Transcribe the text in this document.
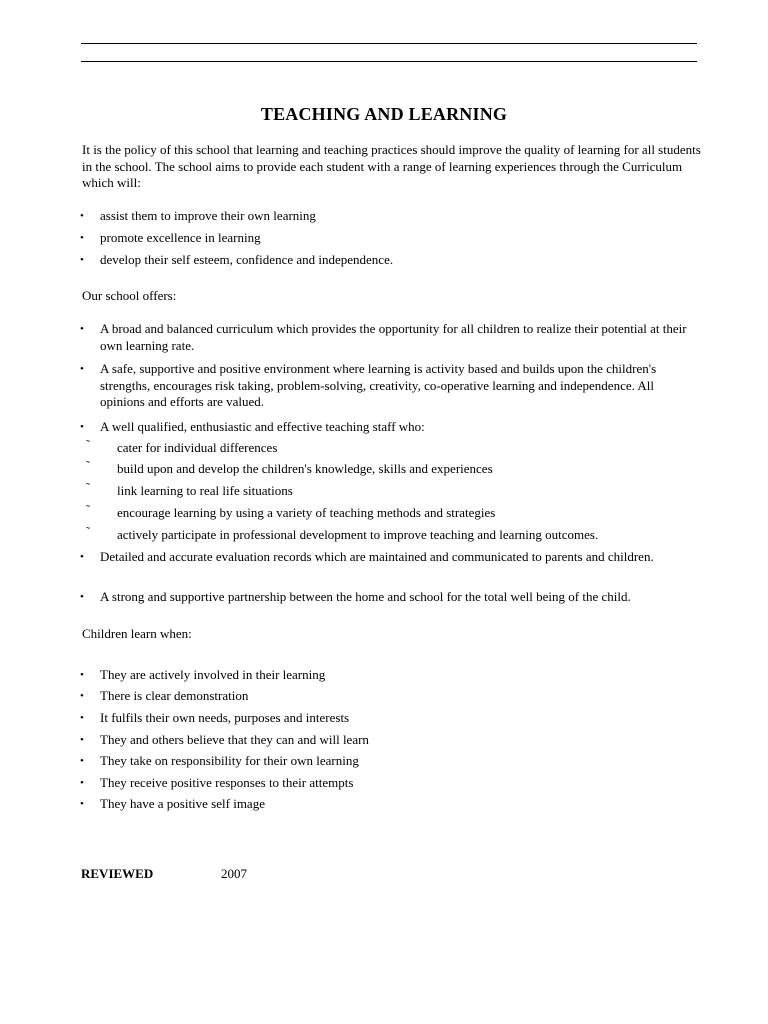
TEACHING AND LEARNING

It is the policy of this school that learning and teaching practices should improve the quality of learning for all students in the school. The school aims to provide each student with a range of learning experiences through the Curriculum which will:

• assist them to improve their own learning
• promote excellence in learning
• develop their self esteem, confidence and independence.
Our school offers:
• A broad and balanced curriculum which provides the opportunity for all children to realize their potential at their own learning rate.
• A safe, supportive and positive environment where learning is activity based and builds upon the children's strengths, encourages risk taking, problem-solving, creativity, co-operative learning and independence. All opinions and efforts are valued.
• A well qualified, enthusiastic and effective teaching staff who:
˜ cater for individual differences
˜ build upon and develop the children's knowledge, skills and experiences
˜ link learning to real life situations
˜ encourage learning by using a variety of teaching methods and strategies
˜ actively participate in professional development to improve teaching and learning outcomes.
• Detailed and accurate evaluation records which are maintained and communicated to parents and children.
• A strong and supportive partnership between the home and school for the total well being of the child.
Children learn when:
• They are actively involved in their learning
• There is clear demonstration
• It fulfils their own needs, purposes and interests
• They and others believe that they can and will learn
• They take on responsibility for their own learning
• They receive positive responses to their attempts
• They have a positive self image
REVIEWED	2007
